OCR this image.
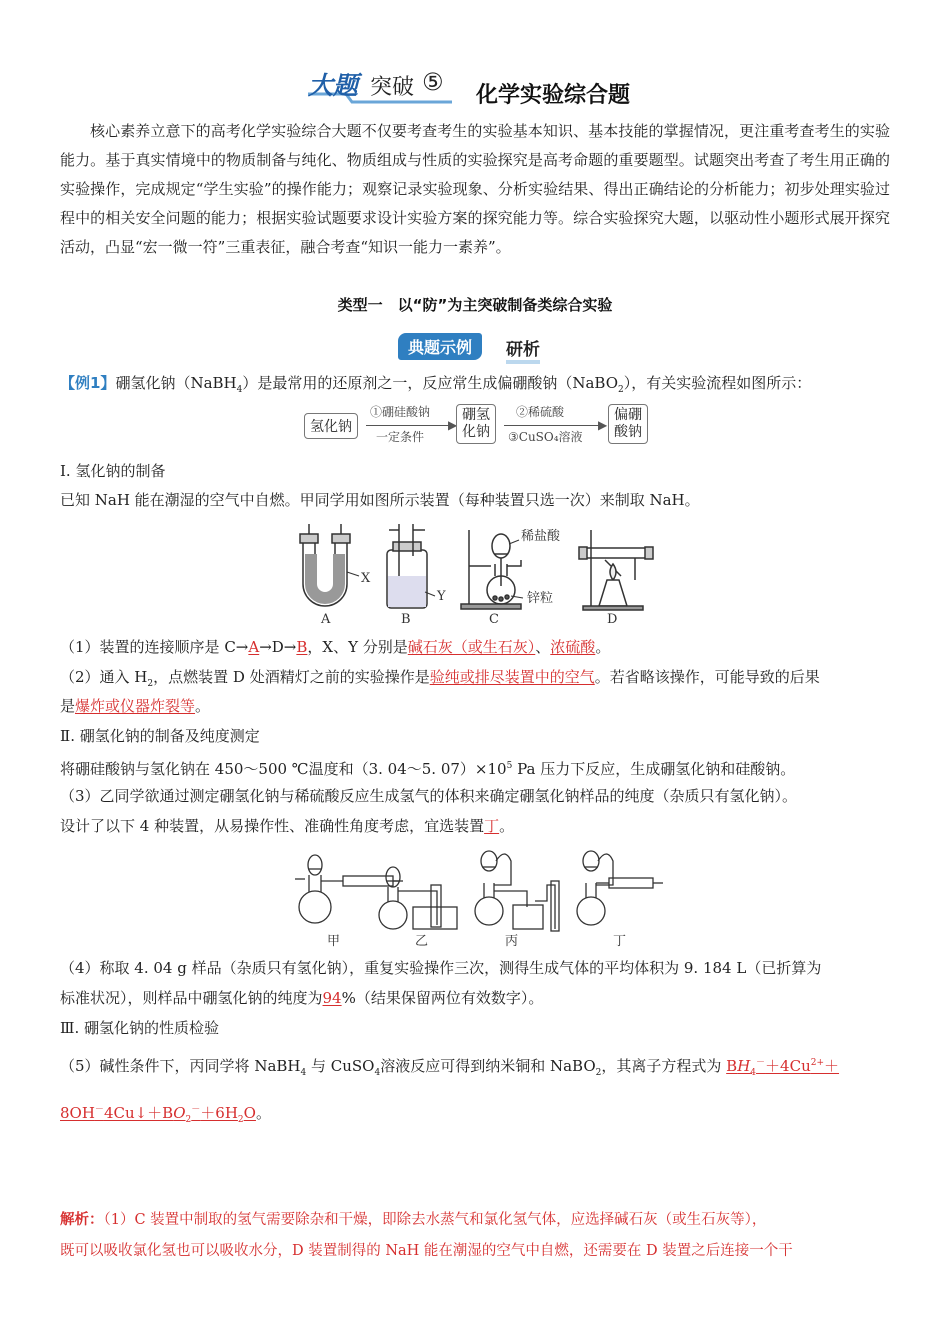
大题 突破 ⑤ 化学实验综合题
核心素养立意下的高考化学实验综合大题不仅要考查考生的实验基本知识、基本技能的掌握情况，更注重考查考生的实验能力。基于真实情境中的物质制备与纯化、物质组成与性质的实验探究是高考命题的重要题型。试题突出考查了考生用正确的实验操作，完成规定“学生实验”的操作能力；观察记录实验现象、分析实验结果、得出正确结论的分析能力；初步处理实验过程中的相关安全问题的能力；根据实验试题要求设计实验方案的探究能力等。综合实验探究大题，以驱动性小题形式展开探究活动，凸显“宏一微一符”三重表征，融合考查“知识一能力一素养”。
类型一　以“防”为主突破制备类综合实验
典题示例	研析
【例1】硼氢化钠（NaBH$_4$）是最常用的还原剂之一，反应常生成偏硼酸钠（NaBO$_2$），有关实验流程如图所示：
氢化钠
①硼硅酸钠
▶
一定条件
硼氢
化钠
②稀硫酸
▶
③CuSO₄溶液
偏硼
酸钠
Ⅰ. 氢化钠的制备
已知 NaH 能在潮湿的空气中自燃。甲同学用如图所示装置（每种装置只选一次）来制取 NaH。
X
A
Y
B
稀盐酸
锌粒
C	D
（1）装置的连接顺序是 C→A→D→B，X、Y 分别是碱石灰（或生石灰）、浓硫酸。
（2）通入 $H_2$，点燃装置 D 处酒精灯之前的实验操作是验纯或排尽装置中的空气。若省略该操作，可能导致的后果
是爆炸或仪器炸裂等。
Ⅱ. 硼氢化钠的制备及纯度测定
将硼硅酸钠与氢化钠在 450～500 ℃温度和（3. 04～5. $07)\times 10^5$ Pa 压力下反应，生成硼氢化钠和硅酸钠。
（3）乙同学欲通过测定硼氢化钠与稀硫酸反应生成氢气的体积来确定硼氢化钠样品的纯度（杂质只有氢化钠）。
设计了以下 4 种装置，从易操作性、准确性角度考虑，宜选装置丁。
甲	乙	丙	丁
（4）称取 4. 04 g 样品（杂质只有氢化钠），重复实验操作三次，测得生成气体的平均体积为 9. 184 L（已折算为
标准状况），则样品中硼氢化钠的纯度为94%（结果保留两位有效数字）。
Ⅲ. 硼氢化钠的性质检验
（5）碱性条件下，丙同学将 NaBH$_4$ 与 CuSO$_4$溶液反应可得到纳米铜和 NaBO$_2$，其离子方程式为 $BH_4^-+4Cu^{2+}+$
$8OH^-4Cu↓+BO_2^-+6H_2O$。
解析：（1）C 装置中制取的氢气需要除杂和干燥，即除去水蒸气和氯化氢气体，应选择碱石灰（或生石灰等），
既可以吸收氯化氢也可以吸收水分，D 装置制得的 NaH 能在潮湿的空气中自燃，还需要在 D 装置之后连接一个干
